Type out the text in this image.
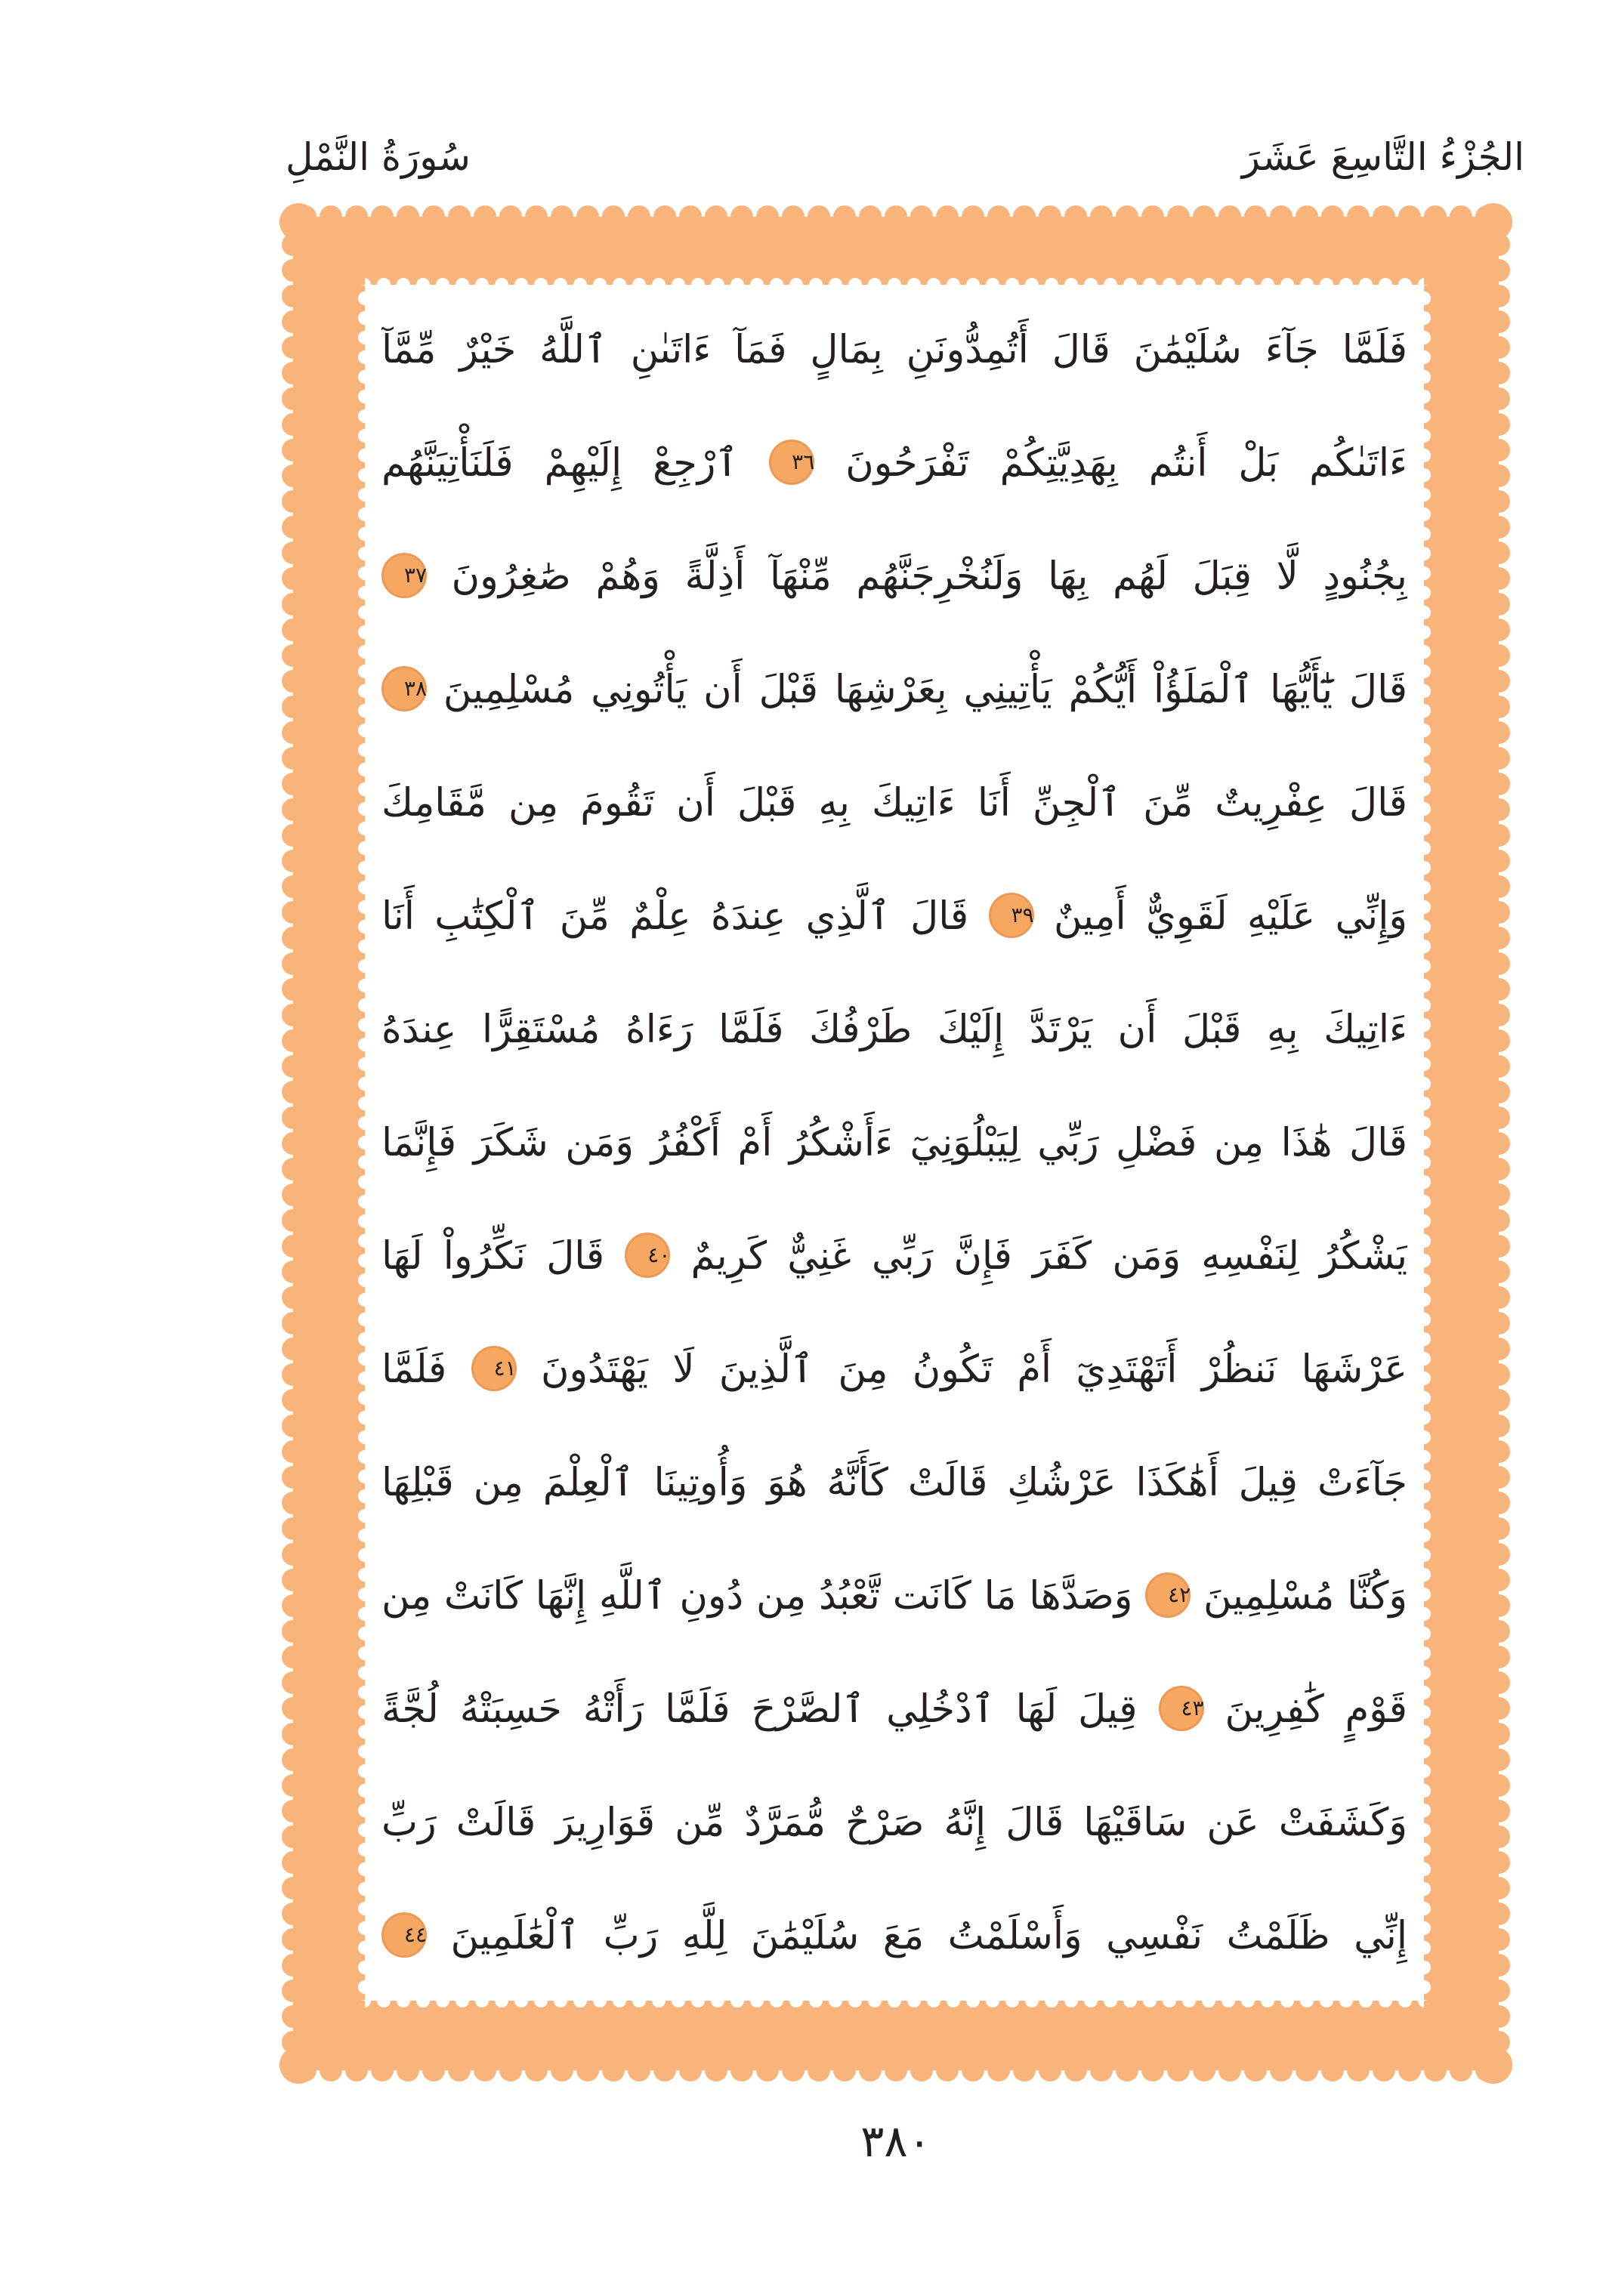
الجُزْءُ التَّاسِعَ عَشَرَ
سُورَةُ النَّمْلِ
فَلَمَّا جَآءَ سُلَيْمَٰنَ قَالَ أَتُمِدُّونَنِ بِمَالٍ فَمَآ ءَاتَىٰنِ ٱللَّهُ خَيْرٌ مِّمَّآ
ءَاتَىٰكُم بَلْ أَنتُم بِهَدِيَّتِكُمْ تَفْرَحُونَ ٣٦ ٱرْجِعْ إِلَيْهِمْ فَلَنَأْتِيَنَّهُم
بِجُنُودٍ لَّا قِبَلَ لَهُم بِهَا وَلَنُخْرِجَنَّهُم مِّنْهَآ أَذِلَّةً وَهُمْ صَٰغِرُونَ ٣٧
قَالَ يَٰٓأَيُّهَا ٱلْمَلَؤُاْ أَيُّكُمْ يَأْتِينِي بِعَرْشِهَا قَبْلَ أَن يَأْتُونِي مُسْلِمِينَ ٣٨
قَالَ عِفْرِيتٌ مِّنَ ٱلْجِنِّ أَنَا ءَاتِيكَ بِهِ قَبْلَ أَن تَقُومَ مِن مَّقَامِكَ
وَإِنِّي عَلَيْهِ لَقَوِيٌّ أَمِينٌ ٣٩ قَالَ ٱلَّذِي عِندَهُ عِلْمٌ مِّنَ ٱلْكِتَٰبِ أَنَا
ءَاتِيكَ بِهِ قَبْلَ أَن يَرْتَدَّ إِلَيْكَ طَرْفُكَ فَلَمَّا رَءَاهُ مُسْتَقِرًّا عِندَهُ
قَالَ هَٰذَا مِن فَضْلِ رَبِّي لِيَبْلُوَنِيٓ ءَأَشْكُرُ أَمْ أَكْفُرُ وَمَن شَكَرَ فَإِنَّمَا
يَشْكُرُ لِنَفْسِهِ وَمَن كَفَرَ فَإِنَّ رَبِّي غَنِيٌّ كَرِيمٌ ٤٠ قَالَ نَكِّرُواْ لَهَا
عَرْشَهَا نَنظُرْ أَتَهْتَدِيٓ أَمْ تَكُونُ مِنَ ٱلَّذِينَ لَا يَهْتَدُونَ ٤١ فَلَمَّا
جَآءَتْ قِيلَ أَهَٰكَذَا عَرْشُكِ قَالَتْ كَأَنَّهُ هُوَ وَأُوتِينَا ٱلْعِلْمَ مِن قَبْلِهَا
وَكُنَّا مُسْلِمِينَ ٤٢ وَصَدَّهَا مَا كَانَت تَّعْبُدُ مِن دُونِ ٱللَّهِ إِنَّهَا كَانَتْ مِن
قَوْمٍ كَٰفِرِينَ ٤٣ قِيلَ لَهَا ٱدْخُلِي ٱلصَّرْحَ فَلَمَّا رَأَتْهُ حَسِبَتْهُ لُجَّةً
وَكَشَفَتْ عَن سَاقَيْهَا قَالَ إِنَّهُ صَرْحٌ مُّمَرَّدٌ مِّن قَوَارِيرَ قَالَتْ رَبِّ
إِنِّي ظَلَمْتُ نَفْسِي وَأَسْلَمْتُ مَعَ سُلَيْمَٰنَ لِلَّهِ رَبِّ ٱلْعَٰلَمِينَ ٤٤
٣٨٠
